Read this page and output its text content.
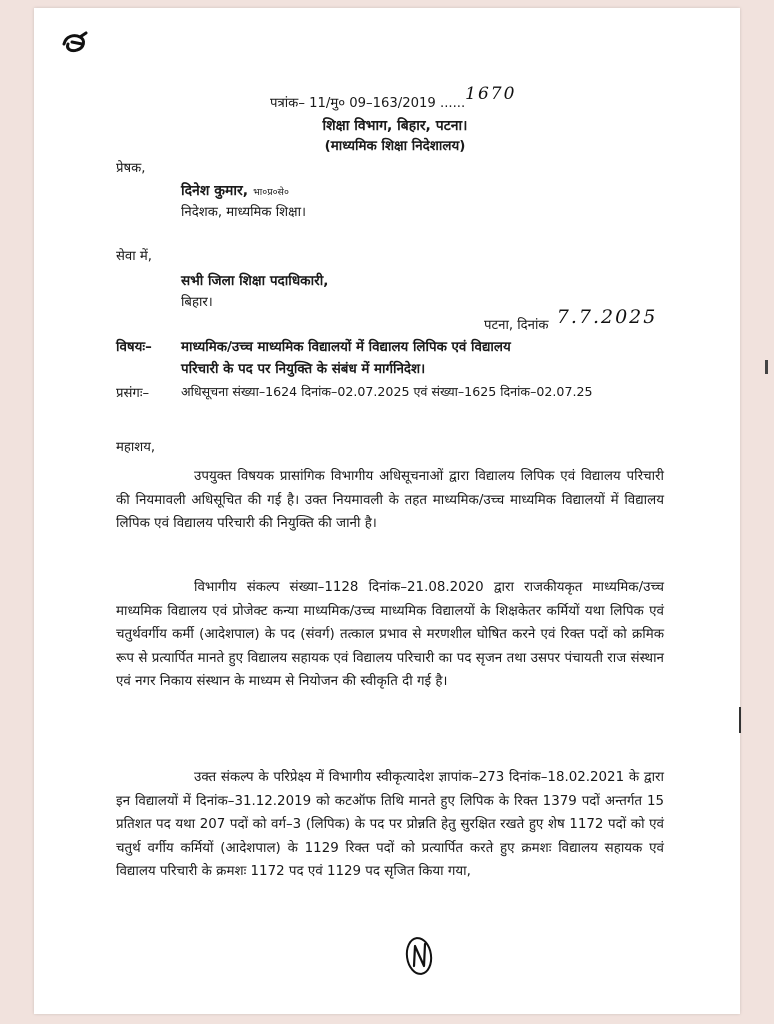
पत्रांक– 11/मु० 09–163/2019 ......1670
शिक्षा विभाग, बिहार, पटना।
(माध्यमिक शिक्षा निदेशालय)
प्रेषक,
दिनेश कुमार, भा०प्र०से०
निदेशक, माध्यमिक शिक्षा।
सेवा में,
सभी जिला शिक्षा पदाधिकारी,
बिहार।
पटना, दिनांक 7.7.2025
विषयः– माध्यमिक/उच्च माध्यमिक विद्यालयों में विद्यालय लिपिक एवं विद्यालय
परिचारी के पद पर नियुक्ति के संबंध में मार्गनिदेश।
प्रसंगः–	अधिसूचना संख्या–1624 दिनांक–02.07.2025 एवं संख्या–1625 दिनांक–02.07.25
महाशय,
उपयुक्त विषयक प्रासांगिक विभागीय अधिसूचनाओं द्वारा विद्यालय लिपिक एवं विद्यालय परिचारी की नियमावली अधिसूचित की गई है। उक्त नियमावली के तहत माध्यमिक/उच्च माध्यमिक विद्यालयों में विद्यालय लिपिक एवं विद्यालय परिचारी की नियुक्ति की जानी है।
विभागीय संकल्प संख्या–1128 दिनांक–21.08.2020 द्वारा राजकीयकृत माध्यमिक/उच्च माध्यमिक विद्यालय एवं प्रोजेक्ट कन्या माध्यमिक/उच्च माध्यमिक विद्यालयों के शिक्षकेतर कर्मियों यथा लिपिक एवं चतुर्थवर्गीय कर्मी (आदेशपाल) के पद (संवर्ग) तत्काल प्रभाव से मरणशील घोषित करने एवं रिक्त पदों को क्रमिक रूप से प्रत्यार्पित मानते हुए विद्यालय सहायक एवं विद्यालय परिचारी का पद सृजन तथा उसपर पंचायती राज संस्थान एवं नगर निकाय संस्थान के माध्यम से नियोजन की स्वीकृति दी गई है।
उक्त संकल्प के परिप्रेक्ष्य में विभागीय स्वीकृत्यादेश ज्ञापांक–273 दिनांक–18.02.2021 के द्वारा इन विद्यालयों में दिनांक–31.12.2019 को कटऑफ तिथि मानते हुए लिपिक के रिक्त 1379 पदों अन्तर्गत 15 प्रतिशत पद यथा 207 पदों को वर्ग–3 (लिपिक) के पद पर प्रोन्नति हेतु सुरक्षित रखते हुए शेष 1172 पदों को एवं चतुर्थ वर्गीय कर्मियों (आदेशपाल) के 1129 रिक्त पदों को प्रत्यार्पित करते हुए क्रमशः विद्यालय सहायक एवं विद्यालय परिचारी के क्रमशः 1172 पद एवं 1129 पद सृजित किया गया,
